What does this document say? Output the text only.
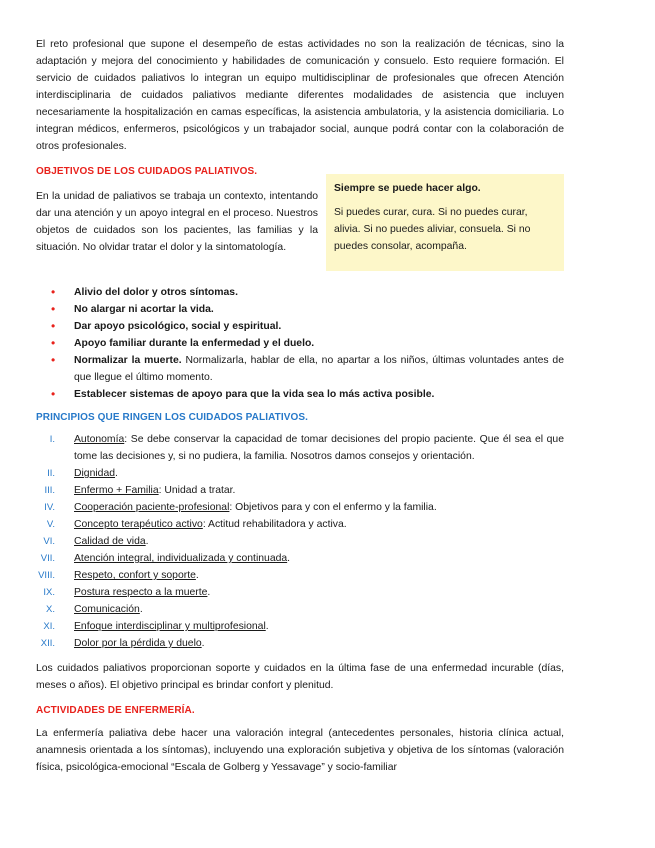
El reto profesional que supone el desempeño de estas actividades no son la realización de técnicas, sino la adaptación y mejora del conocimiento y habilidades de comunicación y consuelo. Esto requiere formación. El servicio de cuidados paliativos lo integran un equipo multidisciplinar de profesionales que ofrecen Atención interdisciplinaria de cuidados paliativos mediante diferentes modalidades de asistencia que incluyen necesariamente la hospitalización en camas específicas, la asistencia ambulatoria, y la asistencia domiciliaria. Lo integran médicos, enfermeros, psicológicos y un trabajador social, aunque podrá contar con la colaboración de otros profesionales.

OBJETIVOS DE LOS CUIDADOS PALIATIVOS.

En la unidad de paliativos se trabaja un contexto, intentando dar una atención y un apoyo integral en el proceso. Nuestros objetos de cuidados son los pacientes, las familias y la situación. No olvidar tratar el dolor y la sintomatología.

Siempre se puede hacer algo.
Si puedes curar, cura. Si no puedes curar, alivia. Si no puedes aliviar, consuela. Si no puedes consolar, acompaña.
• Alivio del dolor y otros síntomas.
• No alargar ni acortar la vida.
• Dar apoyo psicológico, social y espiritual.
• Apoyo familiar durante la enfermedad y el duelo.
• Normalizar la muerte. Normalizarla, hablar de ella, no apartar a los niños, últimas voluntades antes de que llegue el último momento.
• Establecer sistemas de apoyo para que la vida sea lo más activa posible.
PRINCIPIOS QUE RINGEN LOS CUIDADOS PALIATIVOS.
I. Autonomía: Se debe conservar la capacidad de tomar decisiones del propio paciente. Que él sea el que tome las decisiones y, si no pudiera, la familia. Nosotros damos consejos y orientación.
II. Dignidad.
III. Enfermo + Familia: Unidad a tratar.
IV. Cooperación paciente-profesional: Objetivos para y con el enfermo y la familia.
V. Concepto terapéutico activo: Actitud rehabilitadora y activa.
VI. Calidad de vida.
VII. Atención integral, individualizada y continuada.
VIII. Respeto, confort y soporte.
IX. Postura respecto a la muerte.
X. Comunicación.
XI. Enfoque interdisciplinar y multiprofesional.
XII. Dolor por la pérdida y duelo.

Los cuidados paliativos proporcionan soporte y cuidados en la última fase de una enfermedad incurable (días, meses o años). El objetivo principal es brindar confort y plenitud.

ACTIVIDADES DE ENFERMERÍA.

La enfermería paliativa debe hacer una valoración integral (antecedentes personales, historia clínica actual, anamnesis orientada a los síntomas), incluyendo una exploración subjetiva y objetiva de los síntomas (valoración física, psicológica-emocional “Escala de Golberg y Yessavage” y socio-familiar
